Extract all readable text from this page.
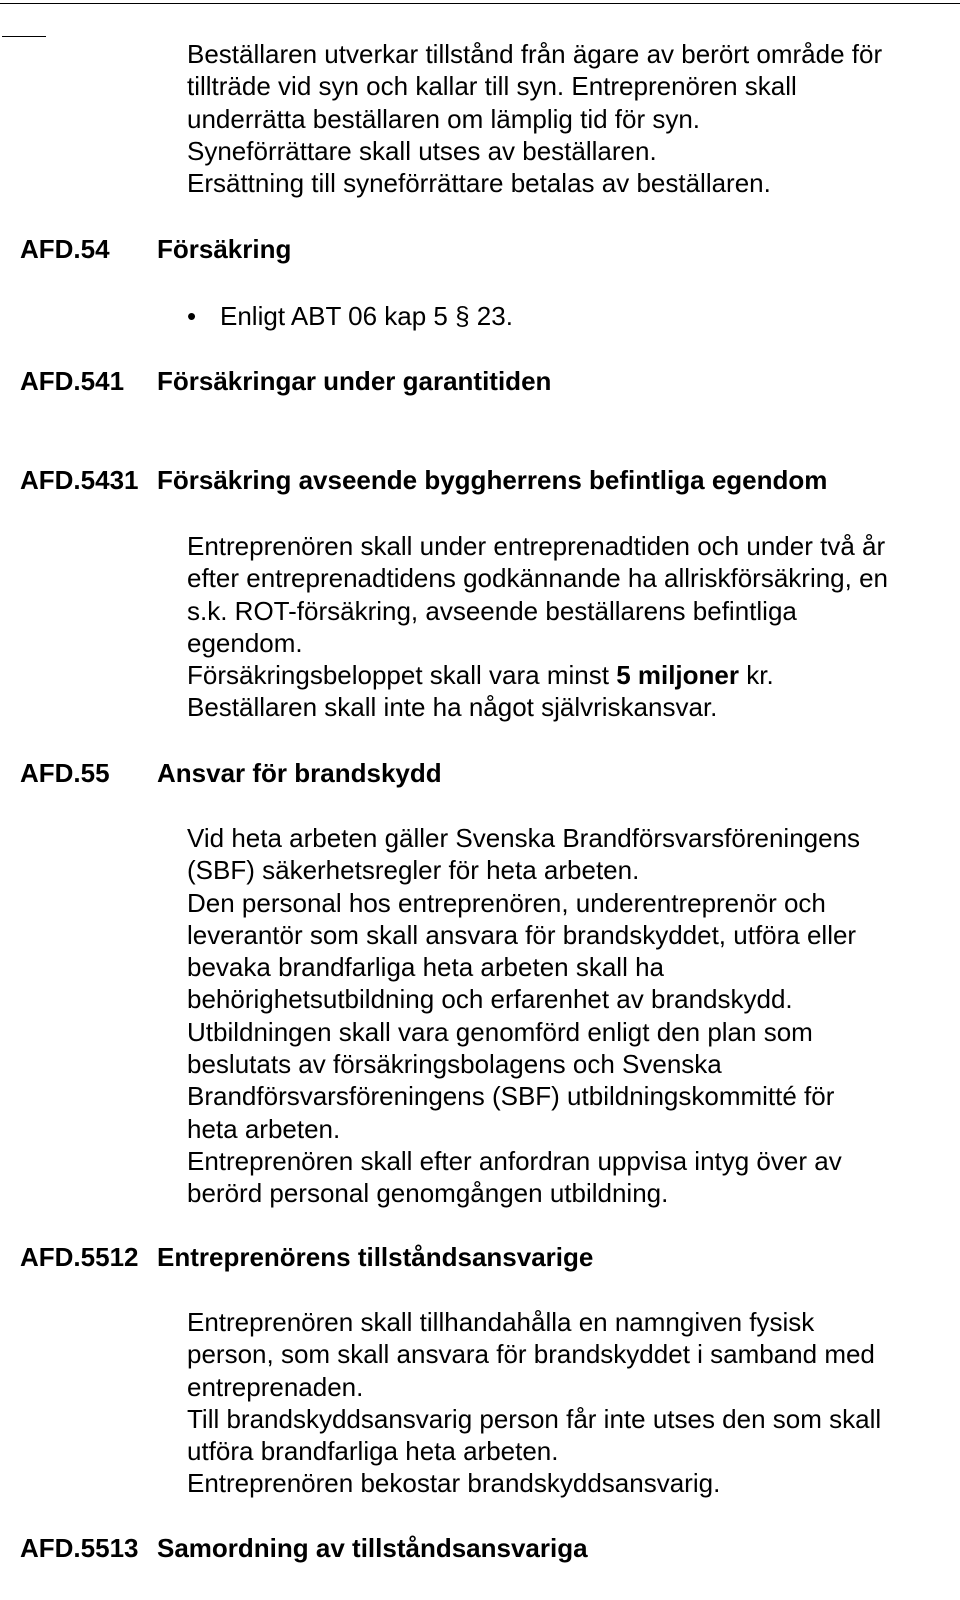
Beställaren utverkar tillstånd från ägare av berört område för
tillträde vid syn och kallar till syn. Entreprenören skall
underrätta beställaren om lämplig tid för syn.
Syneförrättare skall utses av beställaren.
Ersättning till syneförrättare betalas av beställaren.
AFD.54 Försäkring
• Enligt ABT 06 kap 5 § 23.
AFD.541 Försäkringar under garantitiden
AFD.5431 Försäkring avseende byggherrens befintliga egendom
Entreprenören skall under entreprenadtiden och under två år
efter entreprenadtidens godkännande ha allriskförsäkring, en
s.k. ROT-försäkring, avseende beställarens befintliga
egendom.
Försäkringsbeloppet skall vara minst 5 miljoner kr.
Beställaren skall inte ha något självriskansvar.
AFD.55 Ansvar för brandskydd
Vid heta arbeten gäller Svenska Brandförsvarsföreningens
(SBF) säkerhetsregler för heta arbeten.
Den personal hos entreprenören, underentreprenör och
leverantör som skall ansvara för brandskyddet, utföra eller
bevaka brandfarliga heta arbeten skall ha
behörighetsutbildning och erfarenhet av brandskydd.
Utbildningen skall vara genomförd enligt den plan som
beslutats av försäkringsbolagens och Svenska
Brandförsvarsföreningens (SBF) utbildningskommitté för
heta arbeten.
Entreprenören skall efter anfordran uppvisa intyg över av
berörd personal genomgången utbildning.
AFD.5512 Entreprenörens tillståndsansvarige
Entreprenören skall tillhandahålla en namngiven fysisk
person, som skall ansvara för brandskyddet i samband med
entreprenaden.
Till brandskyddsansvarig person får inte utses den som skall
utföra brandfarliga heta arbeten.
Entreprenören bekostar brandskyddsansvarig.
AFD.5513 Samordning av tillståndsansvariga
